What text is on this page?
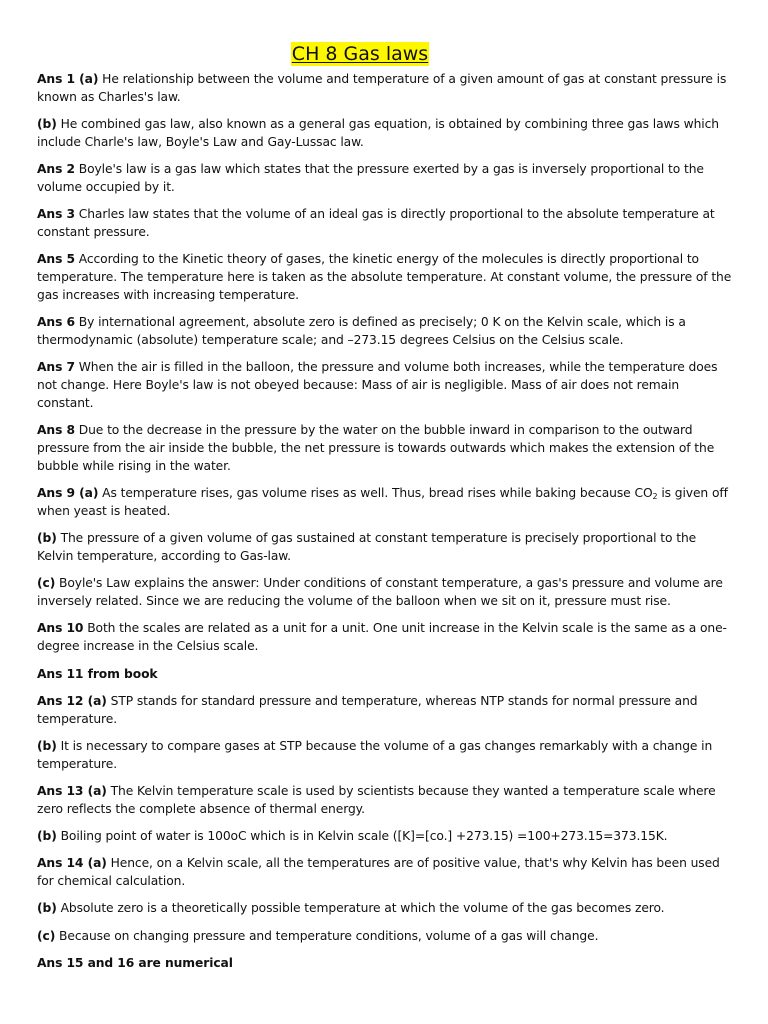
CH 8 Gas laws

Ans 1 (a) He relationship between the volume and temperature of a given amount of gas at constant pressure is known as Charles's law.

(b) He combined gas law, also known as a general gas equation, is obtained by combining three gas laws which include Charle's law, Boyle's Law and Gay-Lussac law.

Ans 2 Boyle's law is a gas law which states that the pressure exerted by a gas is inversely proportional to the volume occupied by it.

Ans 3 Charles law states that the volume of an ideal gas is directly proportional to the absolute temperature at constant pressure.

Ans 5 According to the Kinetic theory of gases, the kinetic energy of the molecules is directly proportional to temperature. The temperature here is taken as the absolute temperature. At constant volume, the pressure of the gas increases with increasing temperature.

Ans 6 By international agreement, absolute zero is defined as precisely; 0 K on the Kelvin scale, which is a thermodynamic (absolute) temperature scale; and –273.15 degrees Celsius on the Celsius scale.

Ans 7 When the air is filled in the balloon, the pressure and volume both increases, while the temperature does not change. Here Boyle's law is not obeyed because: Mass of air is negligible. Mass of air does not remain constant.

Ans 8 Due to the decrease in the pressure by the water on the bubble inward in comparison to the outward pressure from the air inside the bubble, the net pressure is towards outwards which makes the extension of the bubble while rising in the water.

Ans 9 (a) As temperature rises, gas volume rises as well. Thus, bread rises while baking because $CO_2$ is given off when yeast is heated.

(b) The pressure of a given volume of gas sustained at constant temperature is precisely proportional to the Kelvin temperature, according to Gas-law.

(c) Boyle's Law explains the answer: Under conditions of constant temperature, a gas's pressure and volume are inversely related. Since we are reducing the volume of the balloon when we sit on it, pressure must rise.

Ans 10 Both the scales are related as a unit for a unit. One unit increase in the Kelvin scale is the same as a one-degree increase in the Celsius scale.

Ans 11 from book

Ans 12 (a) STP stands for standard pressure and temperature, whereas NTP stands for normal pressure and temperature.

(b) It is necessary to compare gases at STP because the volume of a gas changes remarkably with a change in temperature.

Ans 13 (a) The Kelvin temperature scale is used by scientists because they wanted a temperature scale where zero reflects the complete absence of thermal energy.

(b) Boiling point of water is 100oC which is in Kelvin scale ([K]=[co.] +273.15) =100+273.15=373.15K.

Ans 14 (a) Hence, on a Kelvin scale, all the temperatures are of positive value, that's why Kelvin has been used for chemical calculation.

(b) Absolute zero is a theoretically possible temperature at which the volume of the gas becomes zero.

(c) Because on changing pressure and temperature conditions, volume of a gas will change.

Ans 15 and 16 are numerical
